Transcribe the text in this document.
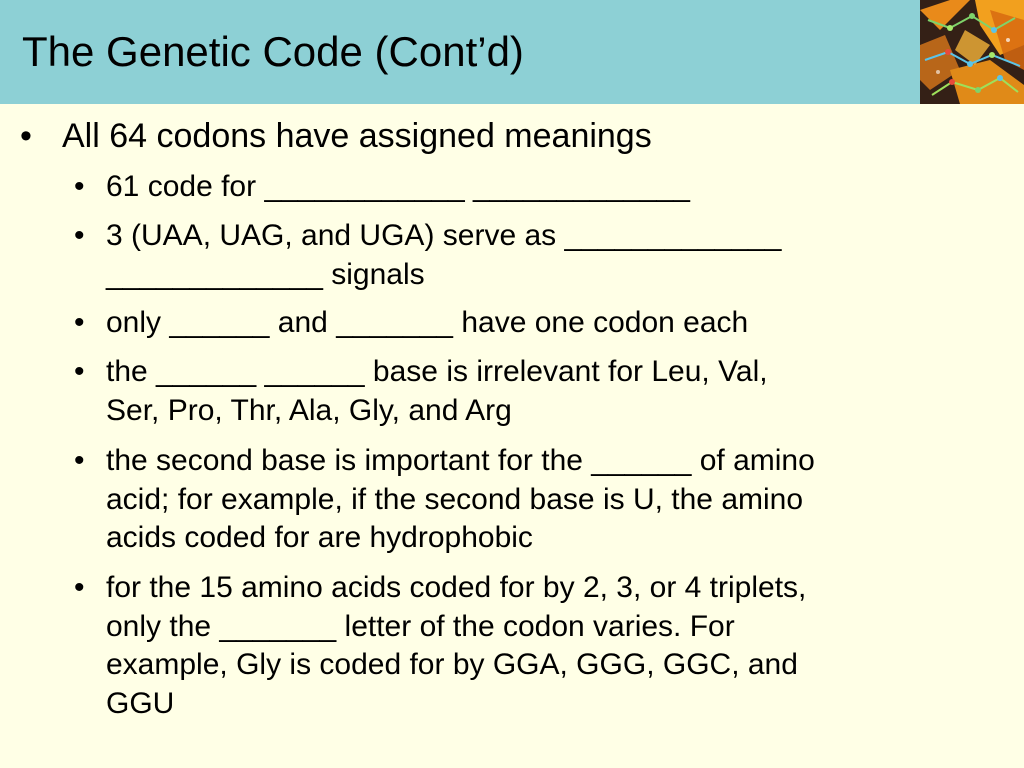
The Genetic Code (Cont’d)
• All 64 codons have assigned meanings
• 61 code for ____________ _____________
• 3 (UAA, UAG, and UGA) serve as _____________
_____________ signals
• only ______ and _______ have one codon each
• the ______ ______ base is irrelevant for Leu, Val,
Ser, Pro, Thr, Ala, Gly, and Arg
• the second base is important for the ______ of amino
acid; for example, if the second base is U, the amino
acids coded for are hydrophobic
• for the 15 amino acids coded for by 2, 3, or 4 triplets,
only the _______ letter of the codon varies. For
example, Gly is coded for by GGA, GGG, GGC, and
GGU
